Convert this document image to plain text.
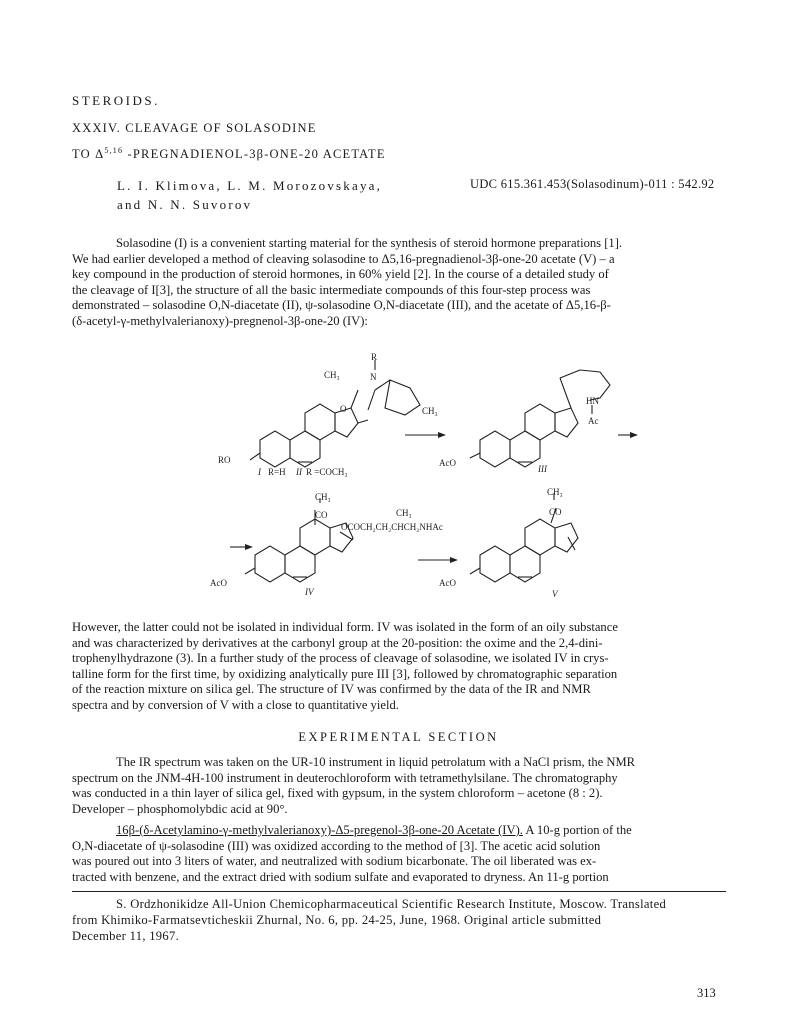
STEROIDS.
XXXIV. CLEAVAGE OF SOLASODINE
TO Δ$^{5,16}$ -PREGNADIENOL-3β-ONE-20 ACETATE
L. I. Klimova, L. M. Morozovskaya,
and N. N. Suvorov
UDC 615.361.453(Solasodinum)-011 : 542.92
Solasodine (I) is a convenient starting material for the synthesis of steroid hormone preparations [1].
We had earlier developed a method of cleaving solasodine to Δ5,16-pregnadienol-3β-one-20 acetate (V) – a
key compound in the production of steroid hormones, in 60% yield [2]. In the course of a detailed study of
the cleavage of I[3], the structure of all the basic intermediate compounds of this four-step process was
demonstrated – solasodine O,N-diacetate (II), ψ-solasodine O,N-diacetate (III), and the acetate of Δ5,16-β-
(δ-acetyl-γ-methylvalerianoxy)-pregnenol-3β-one-20 (IV):
CH₃
R
N
O	CH₃
RO
I R=H II R =COCH₃
HN
Ac
AcO
III
CH₃
CO
OCOCH₂CH₂CHCH₂NHAc
CH₃
AcO
IV
CH₃
CO
AcO
V
However, the latter could not be isolated in individual form. IV was isolated in the form of an oily substance
and was characterized by derivatives at the carbonyl group at the 20-position: the oxime and the 2,4-dini-
trophenylhydrazone (3). In a further study of the process of cleavage of solasodine, we isolated IV in crys-
talline form for the first time, by oxidizing analytically pure III [3], followed by chromatographic separation
of the reaction mixture on silica gel. The structure of IV was confirmed by the data of the IR and NMR
spectra and by conversion of V with a close to quantitative yield.
EXPERIMENTAL SECTION
The IR spectrum was taken on the UR-10 instrument in liquid petrolatum with a NaCl prism, the NMR
spectrum on the JNM-4H-100 instrument in deuterochloroform with tetramethylsilane. The chromatography
was conducted in a thin layer of silica gel, fixed with gypsum, in the system chloroform – acetone (8 : 2).
Developer – phosphomolybdic acid at 90°.
16β-(δ-Acetylamino-γ-methylvalerianoxy)-Δ5-pregenol-3β-one-20 Acetate (IV). A 10-g portion of the
O,N-diacetate of ψ-solasodine (III) was oxidized according to the method of [3]. The acetic acid solution
was poured out into 3 liters of water, and neutralized with sodium bicarbonate. The oil liberated was ex-
tracted with benzene, and the extract dried with sodium sulfate and evaporated to dryness. An 11-g portion
S. Ordzhonikidze All-Union Chemicopharmaceutical Scientific Research Institute, Moscow. Translated
from Khimiko-Farmatsevticheskii Zhurnal, No. 6, pp. 24-25, June, 1968. Original article submitted
December 11, 1967.
313
